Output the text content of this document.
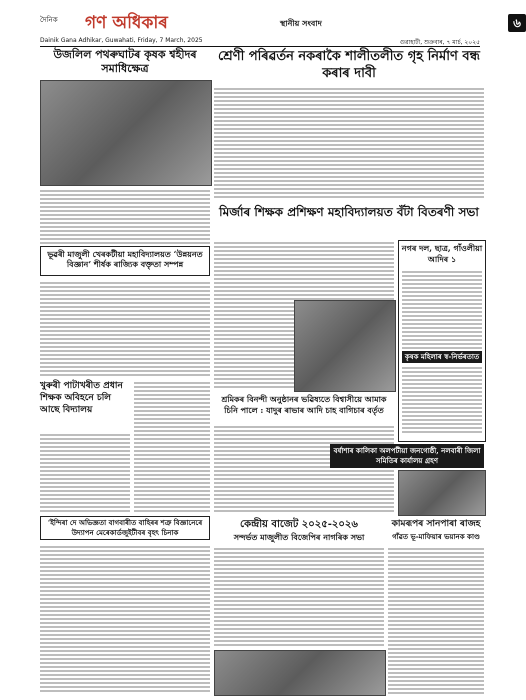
দৈনিক গণ অধিকাৰ	স্থানীয় সংবাদ	৬
Dainik Gana Adhikar, Guwahati, Friday, 7 March, 2025	গুৱাহাটী, শুক্ৰবাৰ, ৭ মাৰ্চ, ২০২৫
উজলিল পথৰুঘাটৰ কৃষক শ্বহীদৰ সমাধিক্ষেত্ৰ
শ্ৰেণী পৰিৱৰ্তন নকৰাকৈ শালীতলীত গৃহ নিৰ্মাণ বন্ধ কৰাৰ দাবী
মিৰ্জাৰ শিক্ষক প্ৰশিক্ষণ মহাবিদ্যালয়ত বঁটা বিতৰণী সভা
ভূৱৰী মাজুলী খেৰকটীয়া মহাবিদ্যালয়ত ‘উন্নয়নত বিজ্ঞান’ শীৰ্ষক ৰাজ্যিক বক্তৃতা সম্পন্ন
নগৰ দল, ছাত্ৰ, গাঁওলীয়া আদিৰ ১
কৃষক মহিলাৰ স্ব-নিৰ্ভৰতাত
খুৰুৰী পাটাখৰীত প্ৰধান শিক্ষক অবিহনে চলি আছে বিদ্যালয়
শ্ৰমিকৰ বিনন্দী অনুষ্ঠানৰ ভৱিষ্যতে বিশ্বাসীয়ে আমাক চিনি পালে : যাদুৰ ৰাভাৰ আদি চাহ বাগিচাৰ বৰ্তৃত
বৰ্ষাশাৰ কালিকা অলপটীয়া জনগোষ্ঠী, নলবাৰী জিলা সমিতিৰ কাৰ্যালয় গ্ৰহণ
‘ইন্দিৰা দে অভিজ্ঞতা বাগবাৰীত বাহিৰৰ শত্ৰু বিজ্ঞানেৰে উদ্যাপন মেৰেকাৰ্ডজুইটীবৰ বৃহৎ চিনাক
কেন্দ্ৰীয় বাজেট ২০২৫-২০২৬
সন্দৰ্ভত মাজুলীত বিজেপিৰ নাগৰিক সভা
কামৰূপৰ সানপাৰা ৰাজহ
গাঁৱত ভূ-মাফিয়াৰ ভয়ানক কাণ্ড
